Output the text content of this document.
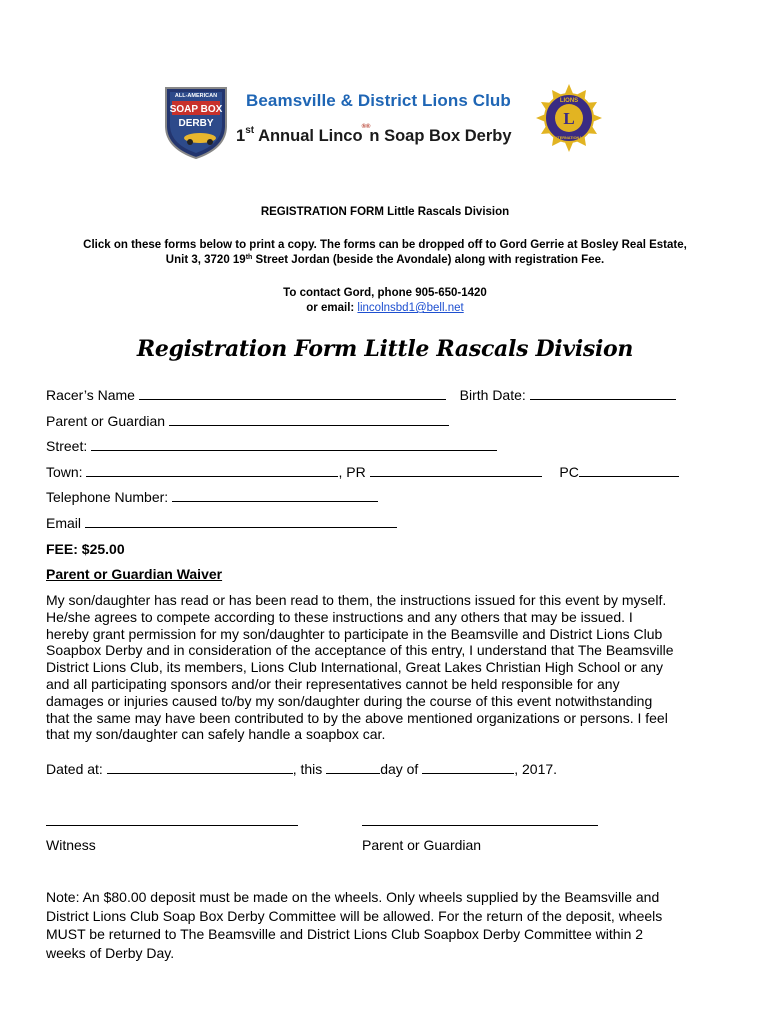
ALL-AMERICAN
SOAP BOX
DERBY
Beamsville & District Lions Club
1st Annual Linco®®n Soap Box Derby
L
LIONS
INTERNATIONAL
REGISTRATION FORM Little Rascals Division
Click on these forms below to print a copy. The forms can be dropped off to Gord Gerrie at Bosley Real Estate,
Unit 3, 3720 19th Street Jordan (beside the Avondale) along with registration Fee.
To contact Gord, phone 905-650-1420
or email: lincolnsbd1@bell.net
Registration Form Little Rascals Division
Racer’s Name	Birth Date:
Parent or Guardian
Street:
Town:	, PR	PC
Telephone Number:
Email
FEE: $25.00
Parent or Guardian Waiver
My son/daughter has read or has been read to them, the instructions issued for this event by myself.
He/she agrees to compete according to these instructions and any others that may be issued. I
hereby grant permission for my son/daughter to participate in the Beamsville and District Lions Club
Soapbox Derby and in consideration of the acceptance of this entry, I understand that The Beamsville
District Lions Club, its members, Lions Club International, Great Lakes Christian High School or any
and all participating sponsors and/or their representatives cannot be held responsible for any
damages or injuries caused to/by my son/daughter during the course of this event notwithstanding
that the same may have been contributed to by the above mentioned organizations or persons. I feel
that my son/daughter can safely handle a soapbox car.
Dated at:	, this	day of	, 2017.
Witness	Parent or Guardian
Note: An $80.00 deposit must be made on the wheels. Only wheels supplied by the Beamsville and
District Lions Club Soap Box Derby Committee will be allowed. For the return of the deposit, wheels
MUST be returned to The Beamsville and District Lions Club Soapbox Derby Committee within 2
weeks of Derby Day.
